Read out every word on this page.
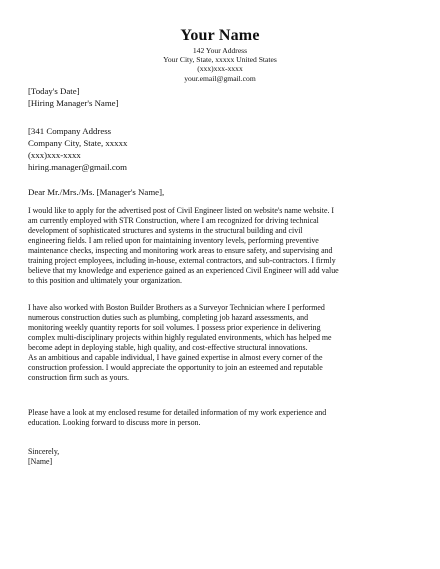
Your Name
142 Your Address
Your City, State, xxxxx United States
(xxx)xxx-xxxx
your.email@gmail.com
[Today's Date]
[Hiring Manager's Name]
[341 Company Address
Company City, State, xxxxx
(xxx)xxx-xxxx
hiring.manager@gmail.com
Dear Mr./Mrs./Ms. [Manager's Name],
I would like to apply for the advertised post of Civil Engineer listed on website's name website. I
am currently employed with STR Construction, where I am recognized for driving technical
development of sophisticated structures and systems in the structural building and civil
engineering fields. I am relied upon for maintaining inventory levels, performing preventive
maintenance checks, inspecting and monitoring work areas to ensure safety, and supervising and
training project employees, including in-house, external contractors, and sub-contractors. I firmly
believe that my knowledge and experience gained as an experienced Civil Engineer will add value
to this position and ultimately your organization.
I have also worked with Boston Builder Brothers as a Surveyor Technician where I performed
numerous construction duties such as plumbing, completing job hazard assessments, and
monitoring weekly quantity reports for soil volumes. I possess prior experience in delivering
complex multi-disciplinary projects within highly regulated environments, which has helped me
become adept in deploying stable, high quality, and cost-effective structural innovations.
As an ambitious and capable individual, I have gained expertise in almost every corner of the
construction profession. I would appreciate the opportunity to join an esteemed and reputable
construction firm such as yours.
Please have a look at my enclosed resume for detailed information of my work experience and
education. Looking forward to discuss more in person.
Sincerely,
[Name]
